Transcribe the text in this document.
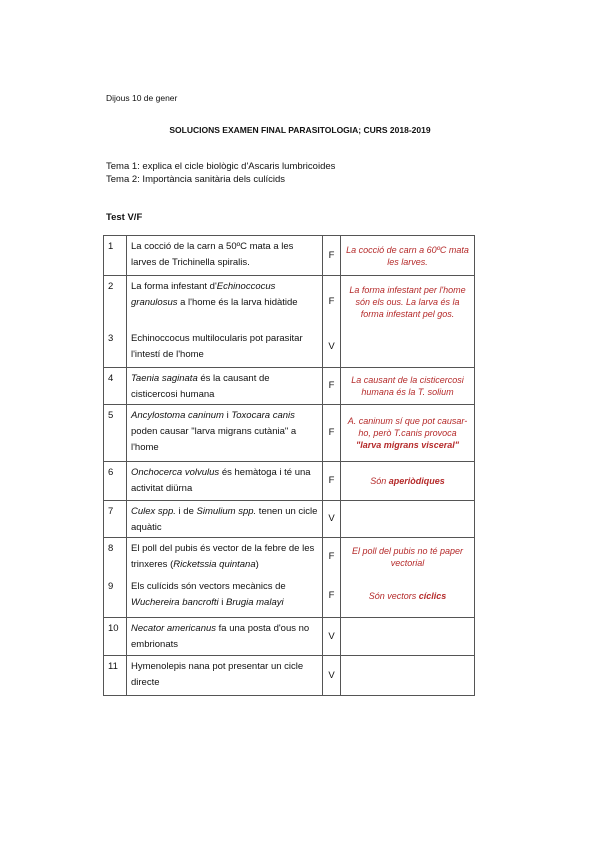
Dijous 10 de gener
SOLUCIONS EXAMEN FINAL PARASITOLOGIA; CURS 2018-2019
Tema 1: explica el cicle biològic d'Ascaris lumbricoides
Tema 2: Importància sanitària dels culícids
Test V/F
1	La cocció de la carn a 50ºC mata a les larves de Trichinella spiralis.	F	La cocció de carn a 60ºC mata les larves.
2	La forma infestant d'Echinoccocus granulosus a l'home és la larva hidàtide	F	La forma infestant per l'home són els ous. La larva és la forma infestant pel gos.
3	Echinoccocus multilocularis pot parasitar l'intestí de l'home	V	
4	Taenia saginata és la causant de cisticercosi humana	F	La causant de la cisticercosi humana és la T. solium
5	Ancylostoma caninum i Toxocara canis poden causar "larva migrans cutània" a l'home	F	A. caninum sí que pot causar-ho, però T.canis provoca "larva migrans visceral"
6	Onchocerca volvulus és hemàtoga i té una activitat diürna	F	Són aperiòdiques
7	Culex spp. i de Simulium spp. tenen un cicle aquàtic	V	
8	El poll del pubis és vector de la febre de les trinxeres (Ricketssia quintana)	F	El poll del pubis no té paper vectorial
9	Els culícids són vectors mecànics de Wuchereira bancrofti i Brugia malayi	F	Són vectors cíclics
10	Necator americanus fa una posta d'ous no embrionats	V	
11	Hymenolepis nana pot presentar un cicle directe	V	
